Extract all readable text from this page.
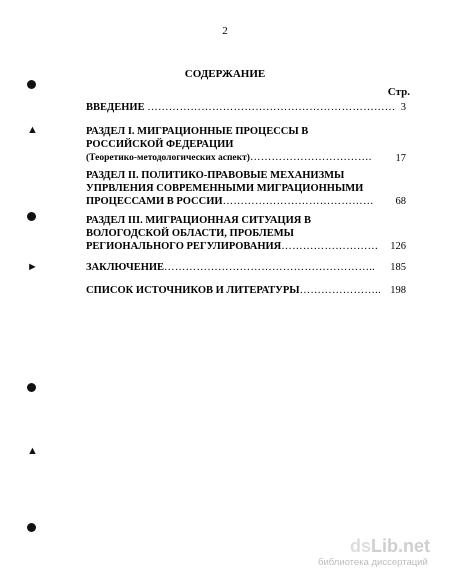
2
СОДЕРЖАНИЕ
Стр.
ВВЕДЕНИЕ …………………………………………………………… 3
РАЗДЕЛ I. МИГРАЦИОННЫЕ ПРОЦЕССЫ В
РОССИЙСКОЙ ФЕДЕРАЦИИ
(Теоретико-методологических аспект)……………………………. 17
РАЗДЕЛ II. ПОЛИТИКО-ПРАВОВЫЕ МЕХАНИЗМЫ
УПРВЛЕНИЯ СОВРЕМЕННЫМИ МИГРАЦИОННЫМИ
ПРОЦЕССАМИ В РОССИИ…………………………………… 68
РАЗДЕЛ III. МИГРАЦИОННАЯ СИТУАЦИЯ В
ВОЛОГОДСКОЙ ОБЛАСТИ, ПРОБЛЕМЫ
РЕГИОНАЛЬНОГО РЕГУЛИРОВАНИЯ……………………… 126
ЗАКЛЮЧЕНИЕ………………………………………………….. 185
СПИСОК ИСТОЧНИКОВ И ЛИТЕРАТУРЫ………………….. 198
▲
►
▲
dsLib.net
библиотека диссертаций
